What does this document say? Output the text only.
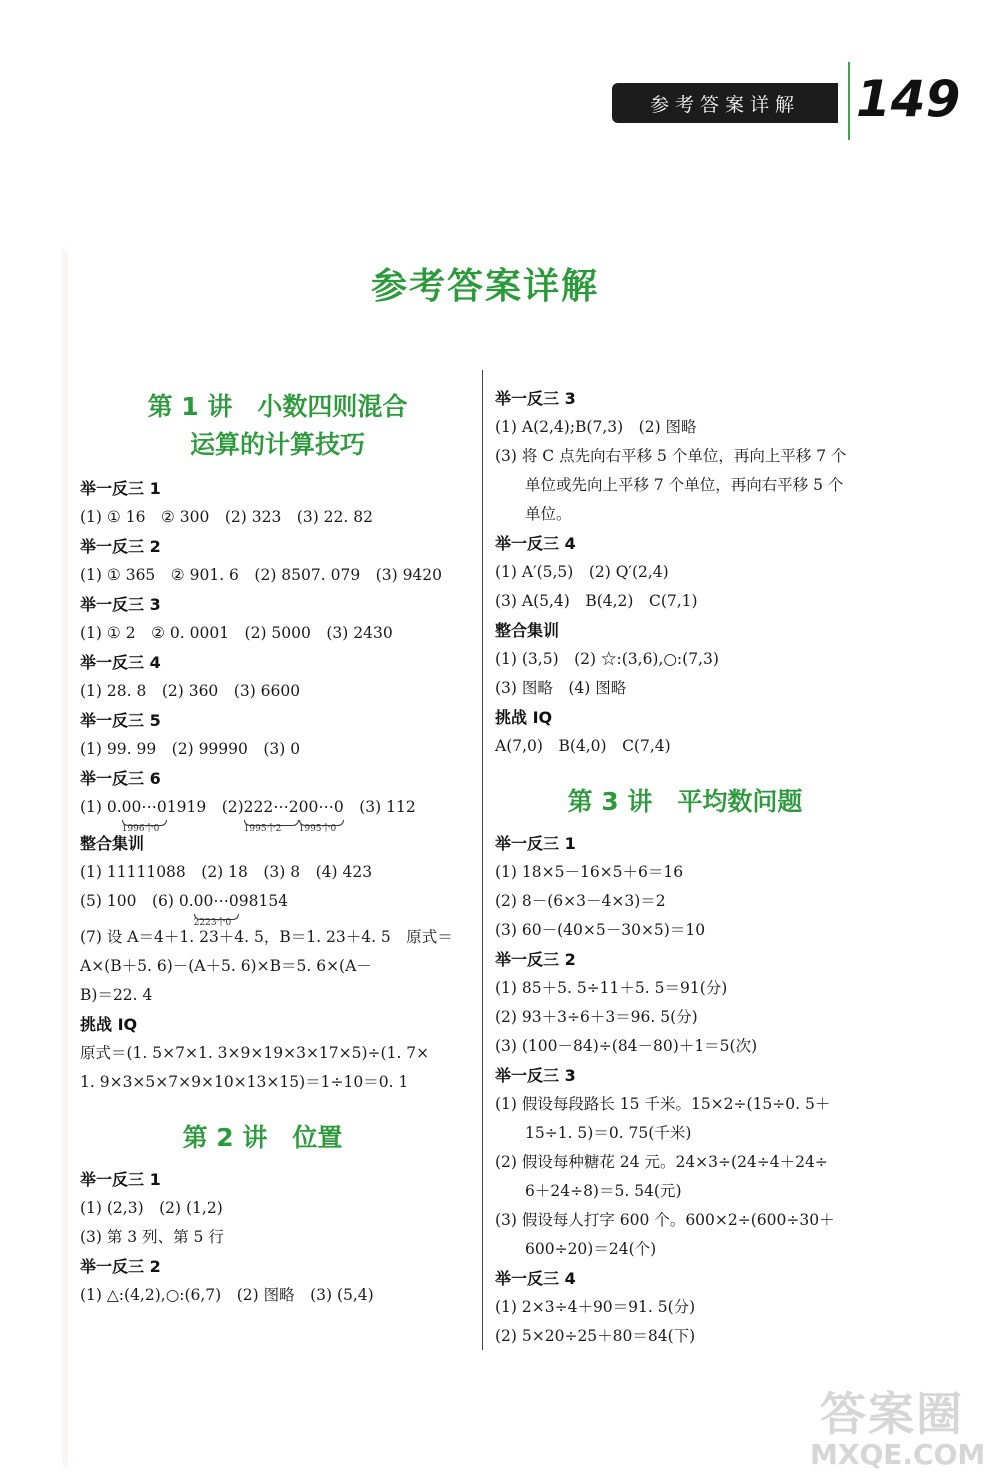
参考答案详解	149
参考答案详解
第 1 讲　小数四则混合
运算的计算技巧
举一反三 1
(1) ① 16　② 300　(2) 323　(3) 22. 82
举一反三 2
(1) ① 365　② 901. 6　(2) 8507. 079　(3) 9420
举一反三 3
(1) ① 2　② 0. 0001　(2) 5000　(3) 2430
举一反三 4
(1) 28. 8　(2) 360　(3) 6600
举一反三 5
(1) 99. 99　(2) 99990　(3) 0
举一反三 6
(1) 0.00⋯0
1996个0
1919　(2)222⋯2
1995个2
00⋯0
1995个0
　(3) 112
整合集训
(1) 11111088　(2) 18　(3) 8　(4) 423
(5) 100　(6) 0.00⋯0
2223个0
98154
(7) 设 A＝4＋1. 23＋4. 5，B＝1. 23＋4. 5　原式＝
A×(B＋5. 6)－(A＋5. 6)×B＝5. 6×(A－
B)＝22. 4
挑战 IQ
原式＝(1. 5×7×1. 3×9×19×3×17×5)÷(1. 7×
1. 9×3×5×7×9×10×13×15)＝1÷10＝0. 1
第 2 讲　位置
举一反三 1
(1) (2,3)　(2) (1,2)
(3) 第 3 列、第 5 行
举一反三 2
(1) △:(4,2),○:(6,7)　(2) 图略　(3) (5,4)
举一反三 3
(1) A(2,4);B(7,3)　(2) 图略
(3) 将 C 点先向右平移 5 个单位，再向上平移 7 个
单位或先向上平移 7 个单位，再向右平移 5 个
单位。
举一反三 4
(1) A′(5,5)　(2) Q′(2,4)
(3) A(5,4)　B(4,2)　C(7,1)
整合集训
(1) (3,5)　(2) ☆:(3,6),○:(7,3)
(3) 图略　(4) 图略
挑战 IQ
A(7,0)　B(4,0)　C(7,4)
第 3 讲　平均数问题
举一反三 1
(1) 18×5－16×5＋6＝16
(2) 8－(6×3－4×3)＝2
(3) 60－(40×5－30×5)＝10
举一反三 2
(1) 85＋5. 5÷11＋5. 5＝91(分)
(2) 93＋3÷6＋3＝96. 5(分)
(3) (100－84)÷(84－80)＋1＝5(次)
举一反三 3
(1) 假设每段路长 15 千米。15×2÷(15÷0. 5＋
15÷1. 5)＝0. 75(千米)
(2) 假设每种糖花 24 元。24×3÷(24÷4＋24÷
6＋24÷8)＝5. 54(元)
(3) 假设每人打字 600 个。600×2÷(600÷30＋
600÷20)＝24(个)
举一反三 4
(1) 2×3÷4＋90＝91. 5(分)
(2) 5×20÷25＋80＝84(下)
答案圈
MXQE.COM
